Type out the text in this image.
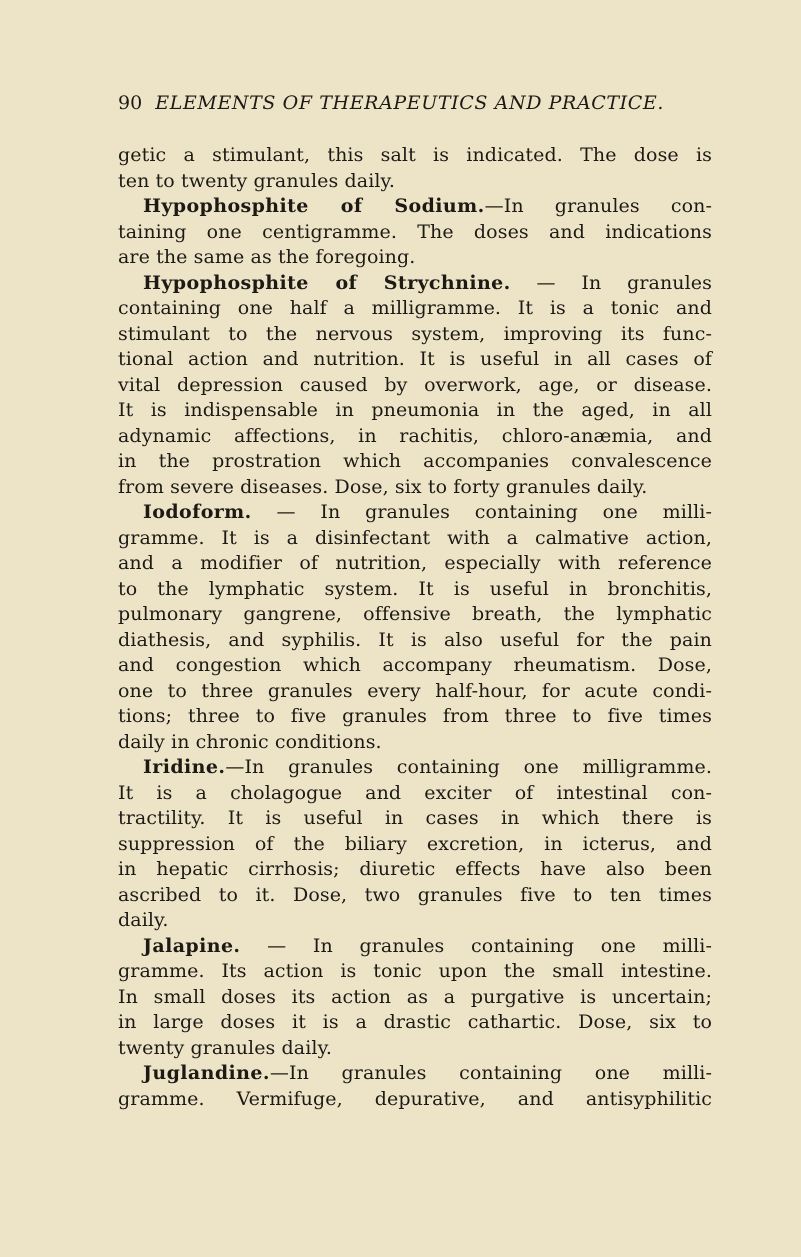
90 ELEMENTS OF THERAPEUTICS AND PRACTICE.
getic a stimulant, this salt is indicated. The dose is
ten to twenty granules daily.
Hypophosphite of Sodium.—In granules con-
taining one centigramme. The doses and indications
are the same as the foregoing.
Hypophosphite of Strychnine. — In granules
containing one half a milligramme. It is a tonic and
stimulant to the nervous system, improving its func-
tional action and nutrition. It is useful in all cases of
vital depression caused by overwork, age, or disease.
It is indispensable in pneumonia in the aged, in all
adynamic affections, in rachitis, chloro-anæmia, and
in the prostration which accompanies convalescence
from severe diseases. Dose, six to forty granules daily.
Iodoform. — In granules containing one milli-
gramme. It is a disinfectant with a calmative action,
and a modifier of nutrition, especially with reference
to the lymphatic system. It is useful in bronchitis,
pulmonary gangrene, offensive breath, the lymphatic
diathesis, and syphilis. It is also useful for the pain
and congestion which accompany rheumatism. Dose,
one to three granules every half-hour, for acute condi-
tions; three to five granules from three to five times
daily in chronic conditions.
Iridine.—In granules containing one milligramme.
It is a cholagogue and exciter of intestinal con-
tractility. It is useful in cases in which there is
suppression of the biliary excretion, in icterus, and
in hepatic cirrhosis; diuretic effects have also been
ascribed to it. Dose, two granules five to ten times
daily.
Jalapine. — In granules containing one milli-
gramme. Its action is tonic upon the small intestine.
In small doses its action as a purgative is uncertain;
in large doses it is a drastic cathartic. Dose, six to
twenty granules daily.
Juglandine.—In granules containing one milli-
gramme. Vermifuge, depurative, and antisyphilitic
